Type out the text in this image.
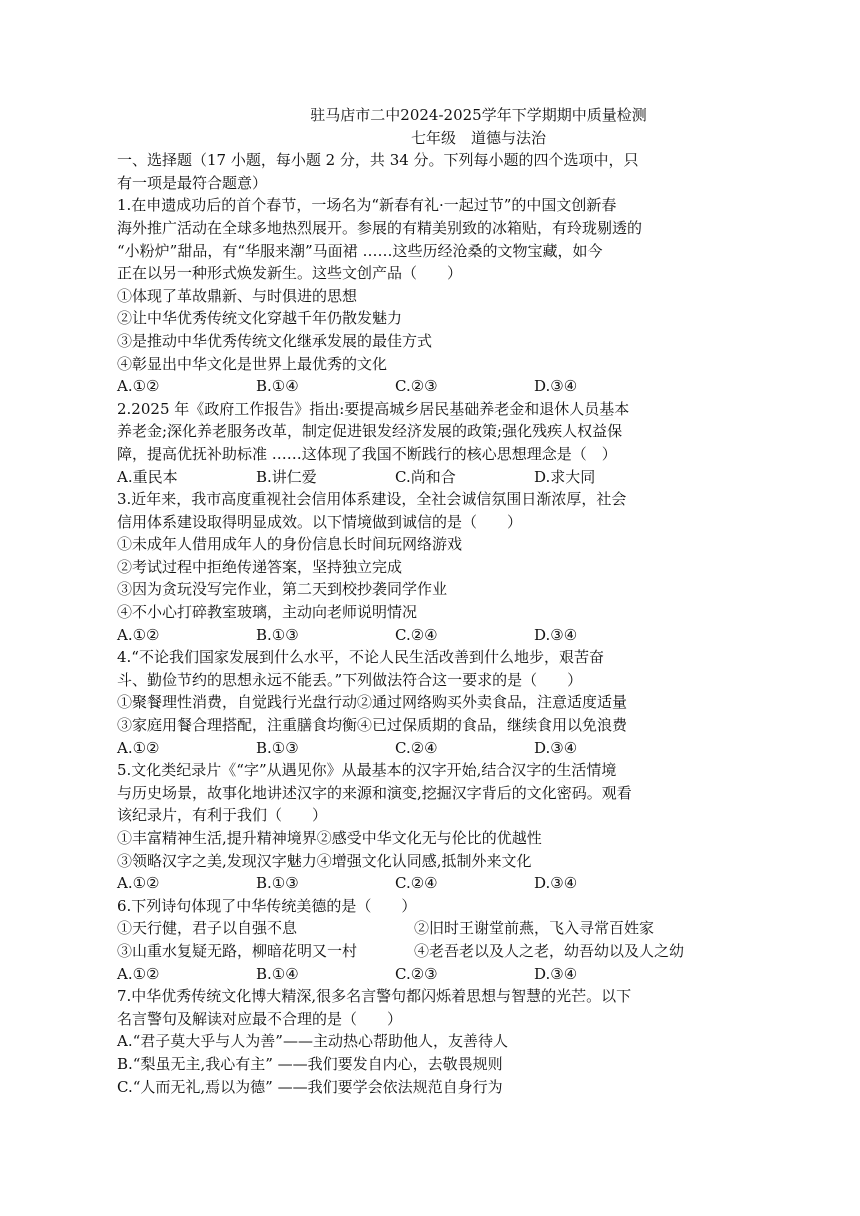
驻马店市二中2024-2025学年下学期期中质量检测

七年级　道德与法治

一、选择题（17 小题，每小题 2 分，共 34 分。下列每小题的四个选项中，只

有一项是最符合题意）

1.在申遗成功后的首个春节，一场名为“新春有礼·一起过节”的中国文创新春

海外推广活动在全球多地热烈展开。参展的有精美别致的冰箱贴，有玲珑剔透的

“小粉炉”甜品，有“华服来潮”马面裙 ……这些历经沧桑的文物宝藏，如今

正在以另一种形式焕发新生。这些文创产品（　　）

①体现了革故鼎新、与时俱进的思想

②让中华优秀传统文化穿越千年仍散发魅力

③是推动中华优秀传统文化继承发展的最佳方式

④彰显出中华文化是世界上最优秀的文化

A.①②	B.①④	C.②③	D.③④

2.2025 年《政府工作报告》指出:要提高城乡居民基础养老金和退休人员基本

养老金;深化养老服务改革，制定促进银发经济发展的政策;强化残疾人权益保

障，提高优抚补助标准 ……这体现了我国不断践行的核心思想理念是（　）

A.重民本	B.讲仁爱	C.尚和合	D.求大同

3.近年来，我市高度重视社会信用体系建设，全社会诚信氛围日渐浓厚，社会

信用体系建设取得明显成效。以下情境做到诚信的是（　　）

①未成年人借用成年人的身份信息长时间玩网络游戏

②考试过程中拒绝传递答案，坚持独立完成

③因为贪玩没写完作业，第二天到校抄袭同学作业

④不小心打碎教室玻璃，主动向老师说明情况

A.①②	B.①③	C.②④	D.③④

4.“不论我们国家发展到什么水平，不论人民生活改善到什么地步，艰苦奋

斗、勤俭节约的思想永远不能丢。”下列做法符合这一要求的是（　　）

①聚餐理性消费，自觉践行光盘行动②通过网络购买外卖食品，注意适度适量

③家庭用餐合理搭配，注重膳食均衡④已过保质期的食品，继续食用以免浪费

A.①②	B.①③	C.②④	D.③④

5.文化类纪录片《“字”从遇见你》从最基本的汉字开始,结合汉字的生活情境

与历史场景，故事化地讲述汉字的来源和演变,挖掘汉字背后的文化密码。观看

该纪录片，有利于我们（　　）

①丰富精神生活,提升精神境界②感受中华文化无与伦比的优越性

③领略汉字之美,发现汉字魅力④增强文化认同感,抵制外来文化

A.①②	B.①③	C.②④	D.③④

6.下列诗句体现了中华传统美德的是（　　）

①天行健，君子以自强不息	②旧时王谢堂前燕，飞入寻常百姓家

③山重水复疑无路，柳暗花明又一村	④老吾老以及人之老，幼吾幼以及人之幼

A.①②	B.①④	C.②③	D.③④

7.中华优秀传统文化博大精深,很多名言警句都闪烁着思想与智慧的光芒。以下

名言警句及解读对应最不合理的是（　　）

A.“君子莫大乎与人为善”——主动热心帮助他人，友善待人

B.“梨虽无主,我心有主” ——我们要发自内心，去敬畏规则

C.“人而无礼,焉以为德” ——我们要学会依法规范自身行为
